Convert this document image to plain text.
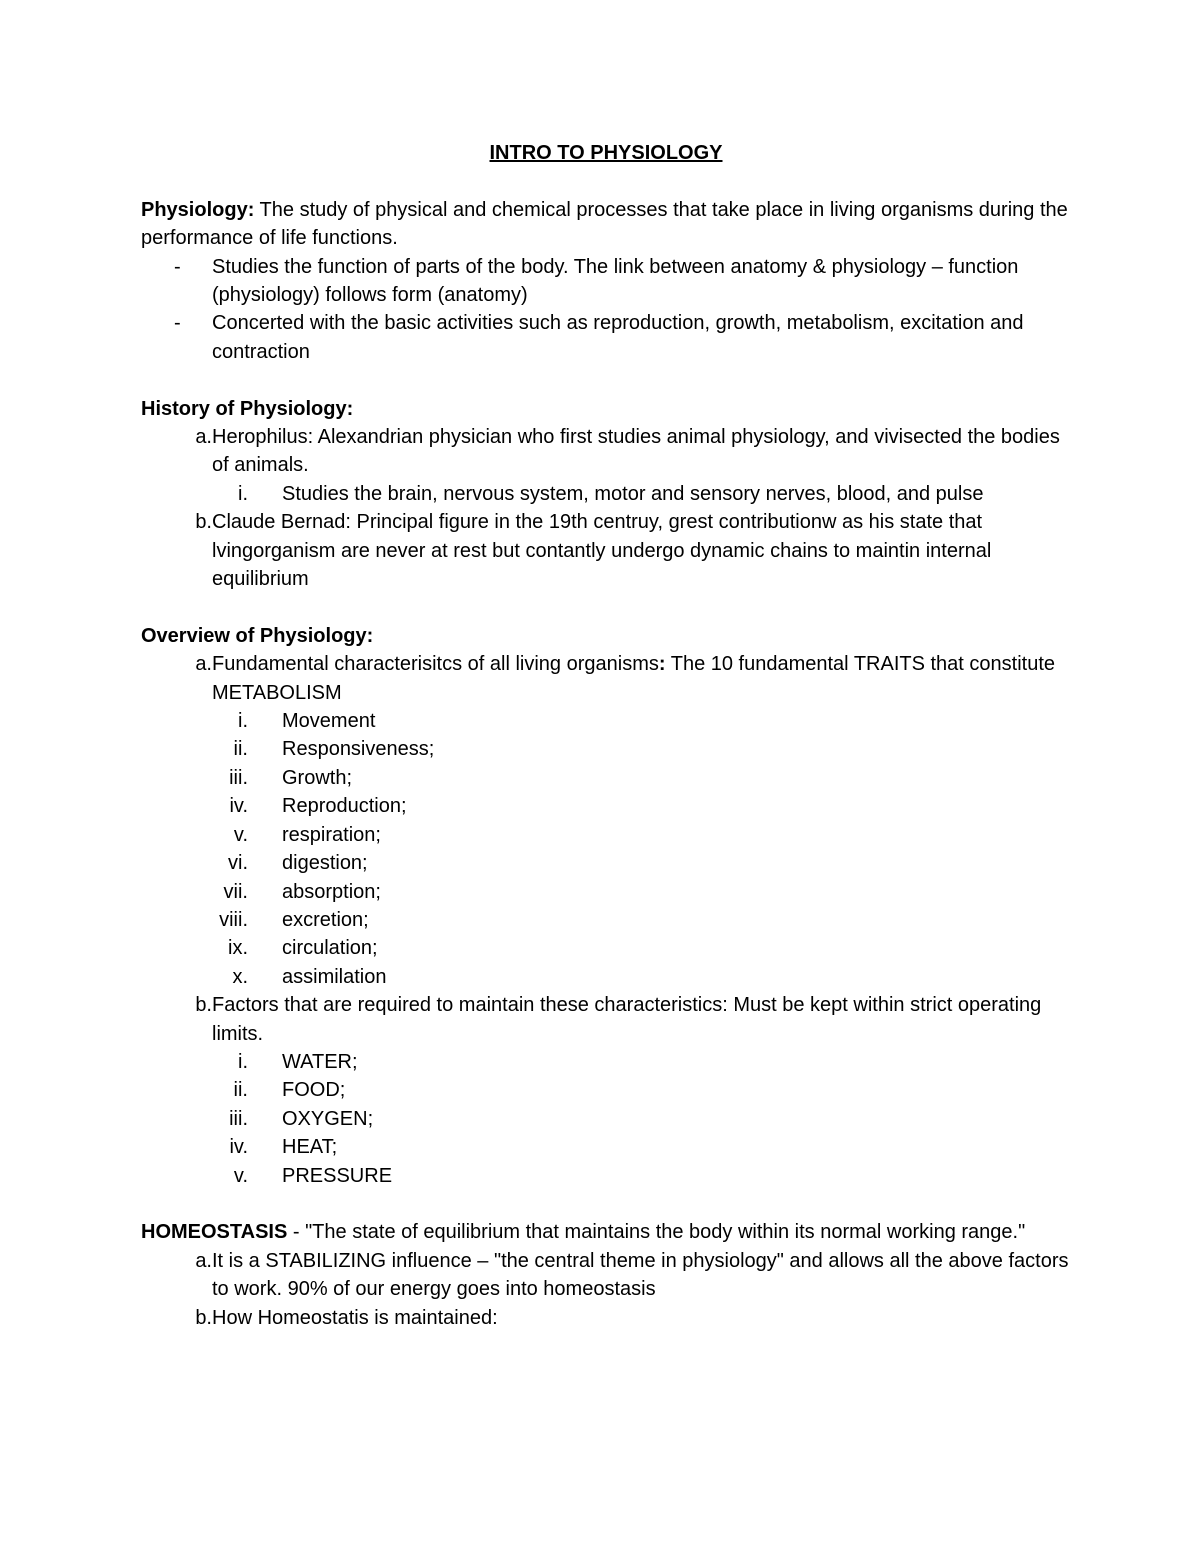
INTRO TO PHYSIOLOGY

Physiology: The study of physical and chemical processes that take place in living organisms during the performance of life functions.

-	Studies the function of parts of the body. The link between anatomy & physiology – function (physiology) follows form (anatomy)
-	Concerted with the basic activities such as reproduction, growth, metabolism, excitation and contraction

History of Physiology:

a. Herophilus: Alexandrian physician who first studies animal physiology, and vivisected the bodies of animals.
i.	Studies the brain, nervous system, motor and sensory nerves, blood, and pulse
b. Claude Bernad: Principal figure in the 19th centruy, grest contributionw as his state that lvingorganism are never at rest but contantly undergo dynamic chains to maintin internal equilibrium

Overview of Physiology:

a. Fundamental characterisitcs of all living organisms: The 10 fundamental TRAITS that constitute METABOLISM
i.	Movement
ii.	Responsiveness;
iii.	Growth;
iv.	Reproduction;
v.	respiration;
vi.	digestion;
vii.	absorption;
viii.	excretion;
ix.	circulation;
x.	assimilation
b. Factors that are required to maintain these characteristics: Must be kept within strict operating limits.
i.	WATER;
ii.	FOOD;
iii.	OXYGEN;
iv.	HEAT;
v.	PRESSURE

HOMEOSTASIS - "The state of equilibrium that maintains the body within its normal working range."

a. It is a STABILIZING influence – "the central theme in physiology" and allows all the above factors to work. 90% of our energy goes into homeostasis
b. How Homeostatis is maintained:
